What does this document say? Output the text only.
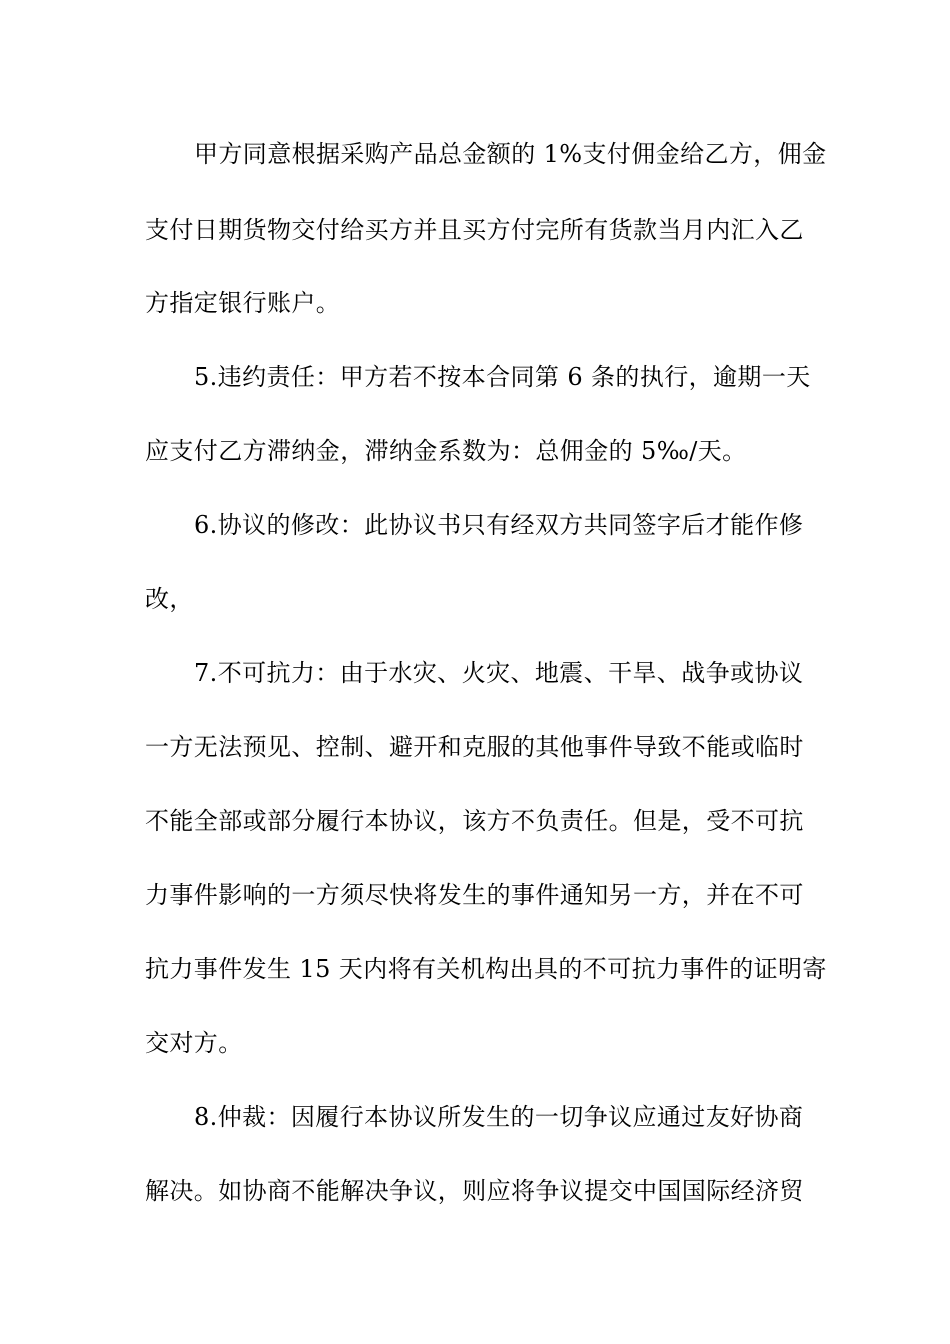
甲方同意根据采购产品总金额的 1%支付佣金给乙方，佣金
支付日期货物交付给买方并且买方付完所有货款当月内汇入乙
方指定银行账户。
5.违约责任：甲方若不按本合同第 6 条的执行，逾期一天
应支付乙方滞纳金，滞纳金系数为：总佣金的 5‰/天。
6.协议的修改：此协议书只有经双方共同签字后才能作修
改，
7.不可抗力：由于水灾、火灾、地震、干旱、战争或协议
一方无法预见、控制、避开和克服的其他事件导致不能或临时
不能全部或部分履行本协议，该方不负责任。但是，受不可抗
力事件影响的一方须尽快将发生的事件通知另一方，并在不可
抗力事件发生 15 天内将有关机构出具的不可抗力事件的证明寄
交对方。
8.仲裁：因履行本协议所发生的一切争议应通过友好协商
解决。如协商不能解决争议，则应将争议提交中国国际经济贸
